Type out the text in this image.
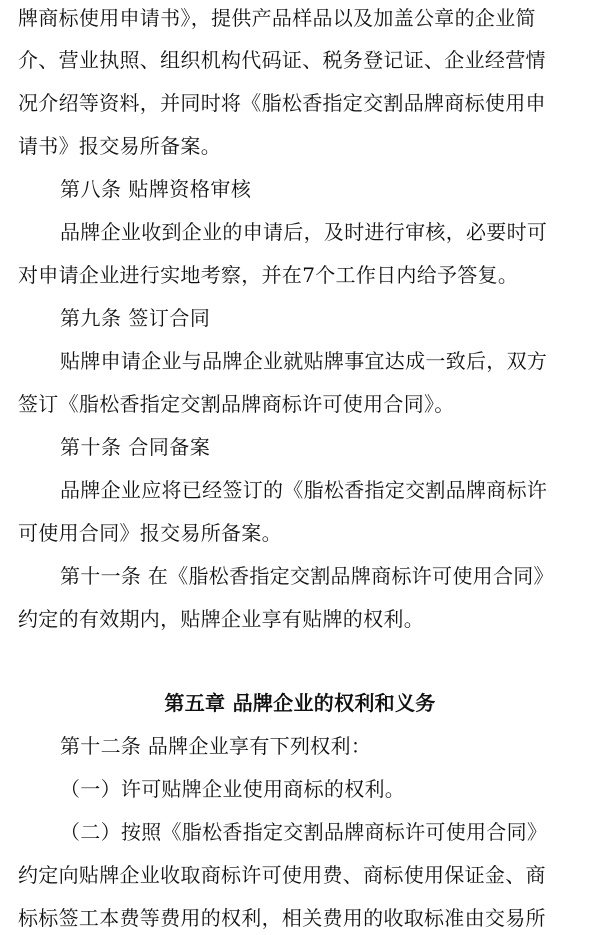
牌商标使用申请书》，提供产品样品以及加盖公章的企业简
介、营业执照、组织机构代码证、税务登记证、企业经营情
况介绍等资料，并同时将《脂松香指定交割品牌商标使用申
请书》报交易所备案。
第八条 贴牌资格审核
品牌企业收到企业的申请后，及时进行审核，必要时可
对申请企业进行实地考察，并在7个工作日内给予答复。
第九条 签订合同
贴牌申请企业与品牌企业就贴牌事宜达成一致后，双方
签订《脂松香指定交割品牌商标许可使用合同》。
第十条 合同备案
品牌企业应将已经签订的《脂松香指定交割品牌商标许
可使用合同》报交易所备案。
第十一条 在《脂松香指定交割品牌商标许可使用合同》
约定的有效期内，贴牌企业享有贴牌的权利。
第五章 品牌企业的权利和义务
第十二条 品牌企业享有下列权利：
（一）许可贴牌企业使用商标的权利。
（二）按照《脂松香指定交割品牌商标许可使用合同》
约定向贴牌企业收取商标许可使用费、商标使用保证金、商
标标签工本费等费用的权利，相关费用的收取标准由交易所
